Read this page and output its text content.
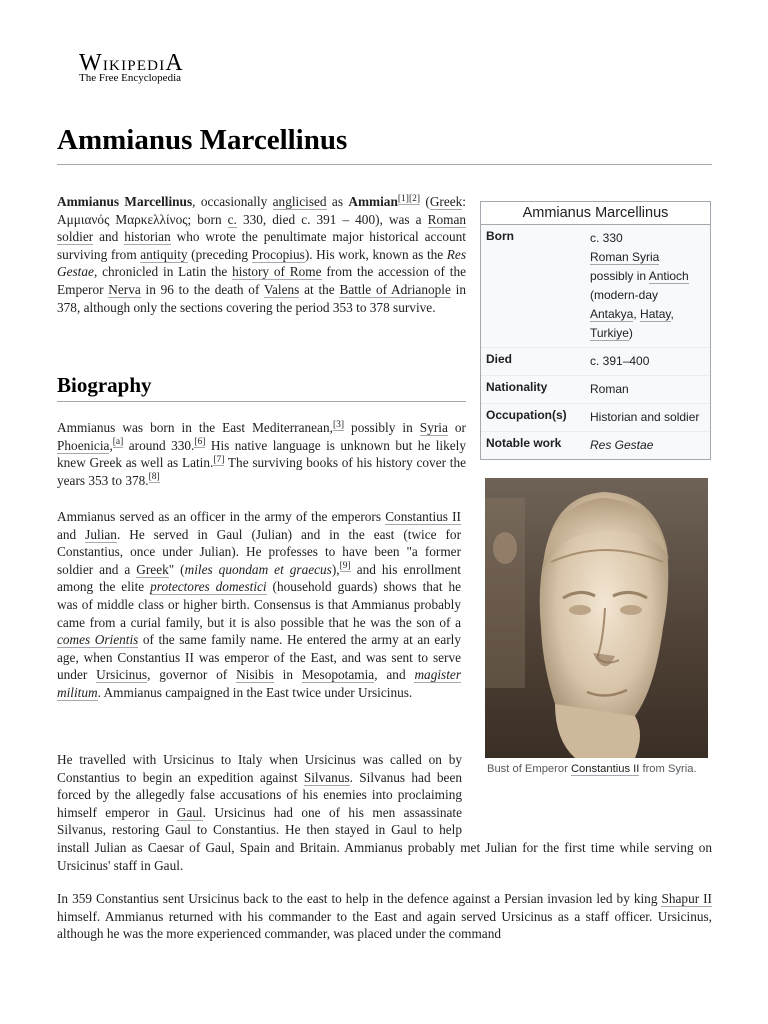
WikipediA
The Free Encyclopedia
Ammianus Marcellinus

Ammianus Marcellinus, occasionally anglicised as Ammian[1][2] (Greek: Αμμιανός Μαρκελλίνος; born c. 330, died c. 391 – 400), was a Roman soldier and historian who wrote the penultimate major historical account surviving from antiquity (preceding Procopius). His work, known as the Res Gestae, chronicled in Latin the history of Rome from the accession of the Emperor Nerva in 96 to the death of Valens at the Battle of Adrianople in 378, although only the sections covering the period 353 to 378 survive.

Biography

Ammianus was born in the East Mediterranean,[3] possibly in Syria or Phoenicia,[a] around 330.[6] His native language is unknown but he likely knew Greek as well as Latin.[7] The surviving books of his history cover the years 353 to 378.[8]

Ammianus served as an officer in the army of the emperors Constantius II and Julian. He served in Gaul (Julian) and in the east (twice for Constantius, once under Julian). He professes to have been "a former soldier and a Greek" (miles quondam et graecus),[9] and his enrollment among the elite protectores domestici (household guards) shows that he was of middle class or higher birth. Consensus is that Ammianus probably came from a curial family, but it is also possible that he was the son of a comes Orientis of the same family name. He entered the army at an early age, when Constantius II was emperor of the East, and was sent to serve under Ursicinus, governor of Nisibis in Mesopotamia, and magister militum. Ammianus campaigned in the East twice under Ursicinus.

He travelled with Ursicinus to Italy when Ursicinus was called on by Constantius to begin an expedition against Silvanus. Silvanus had been forced by the allegedly false accusations of his enemies into proclaiming himself emperor in Gaul. Ursicinus had one of his men assassinate Silvanus, restoring Gaul to Constantius. He then stayed in Gaul to help install Julian as Caesar of Gaul, Spain and Britain. Ammianus probably met Julian for the first time while serving on Ursicinus' staff in Gaul.

In 359 Constantius sent Ursicinus back to the east to help in the defence against a Persian invasion led by king Shapur II himself. Ammianus returned with his commander to the East and again served Ursicinus as a staff officer. Ursicinus, although he was the more experienced commander, was placed under the command

Ammianus Marcellinus
Born	c. 330
Roman Syria
possibly in Antioch
(modern-day
Antakya, Hatay,
Turkiye)
Died	c. 391–400
Nationality	Roman
Occupation(s)	Historian and soldier
Notable work	Res Gestae
Bust of Emperor Constantius II from Syria.
